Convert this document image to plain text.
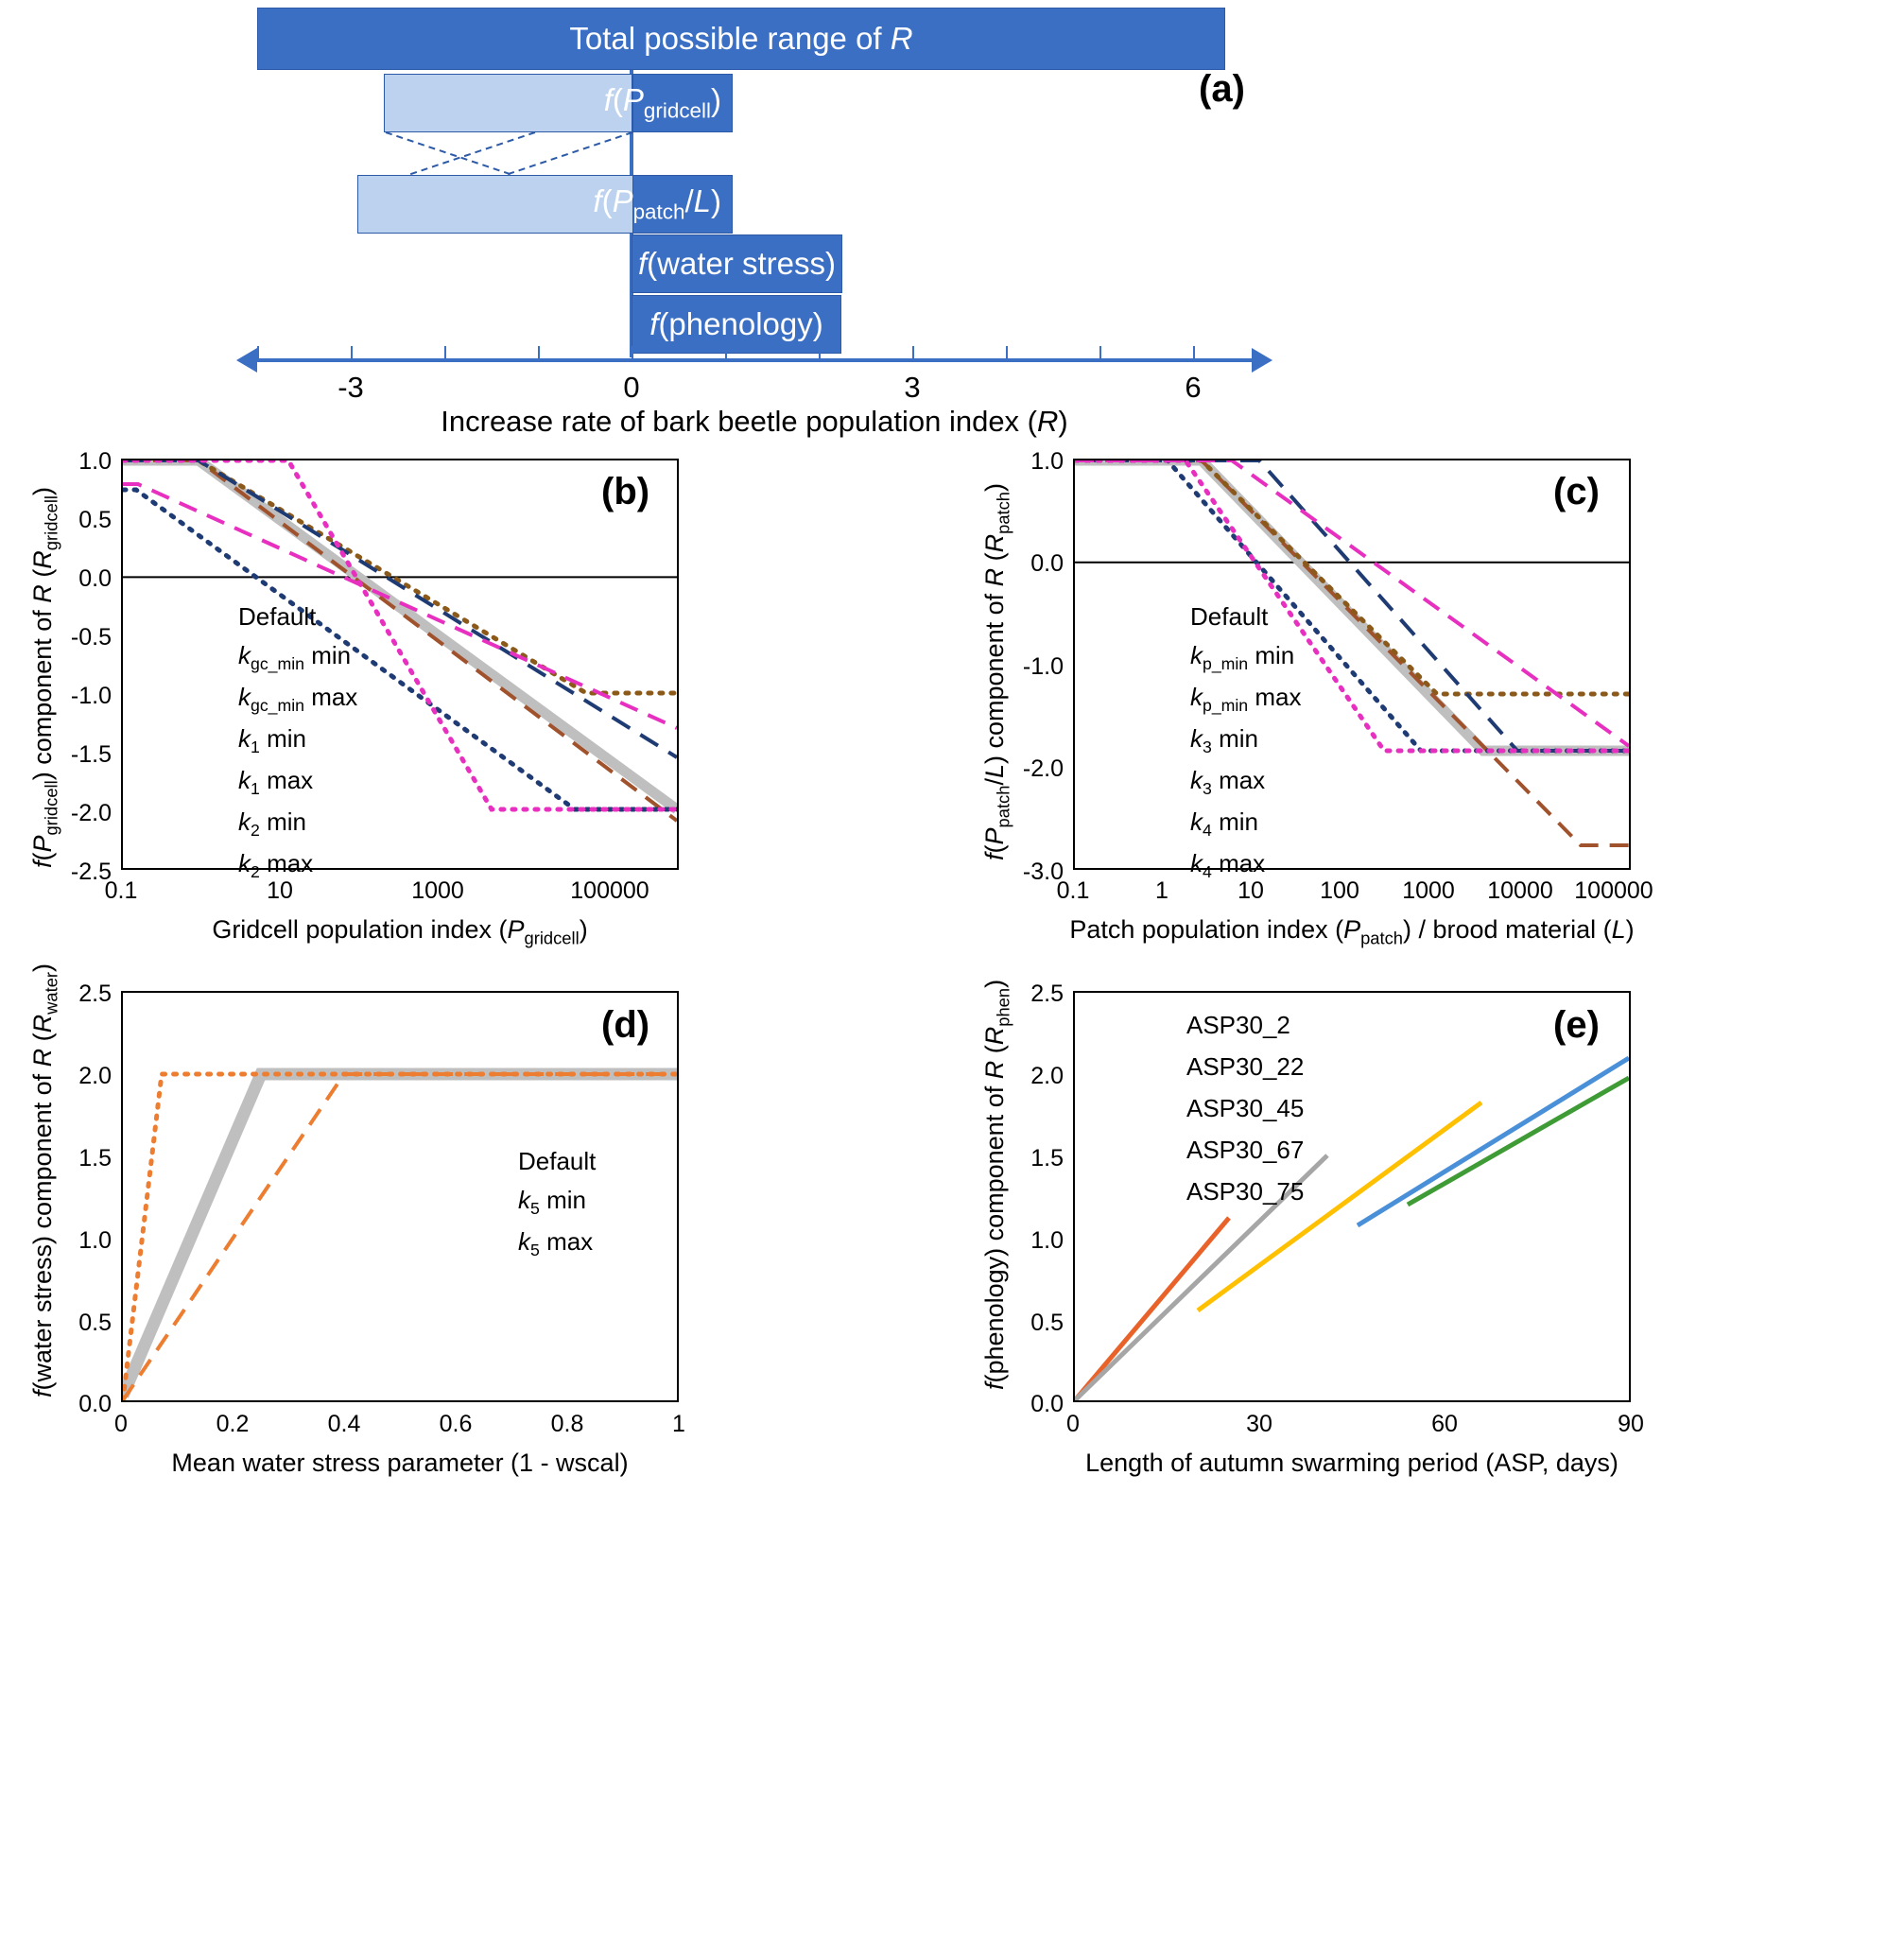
Total possible range of R
$f(P_{gridcell})$
$f(P_{patch}/L)$
f(water stress)
f(phenology)
-3	0	3	6
Increase rate of bark beetle population index (R)
(a)
1.0
0.5
0.0
-0.5
-1.0
-1.5
-2.0
-2.5
0.1	10	1000	100000
Gridcell population index $(P_{gridcell})$
$f(P_{gridcell})$ component of R $(R_{gridcell})$	(b)
Default
$k_{gc\_min}$ min
$k_{gc\_min}$ max
$k_1$ min
$k_1$ max
$k_2$ min
$k_2$ max
1.0
0.0
-1.0
-2.0
-3.0
0.1	1	10	100	1000	10000 100000
Patch population index $(P_{patch})$ / brood material (L)
$f(P_{patch}/L)$ component of R $(R_{patch})$	(c)
Default
$k_{p\_min}$ min
$k_{p\_min}$ max
$k_3$ min
$k_3$ max
$k_4$ min
$k_4$ max
2.5
2.0
1.5
1.0
0.5
0.0
0	0.2	0.4	0.6	0.8	1
Mean water stress parameter (1 - wscal)
f(water stress) component of R $(R_{water})$
(d)
Default
$k_5$ min
$k_5$ max
2.5
2.0
1.5
1.0
0.5
0.0
0	30	60	90
Length of autumn swarming period (ASP, days)
f(phenology) component of R $(R_{phen})$
(e)
ASP30_2
ASP30_22
ASP30_45
ASP30_67
ASP30_75
